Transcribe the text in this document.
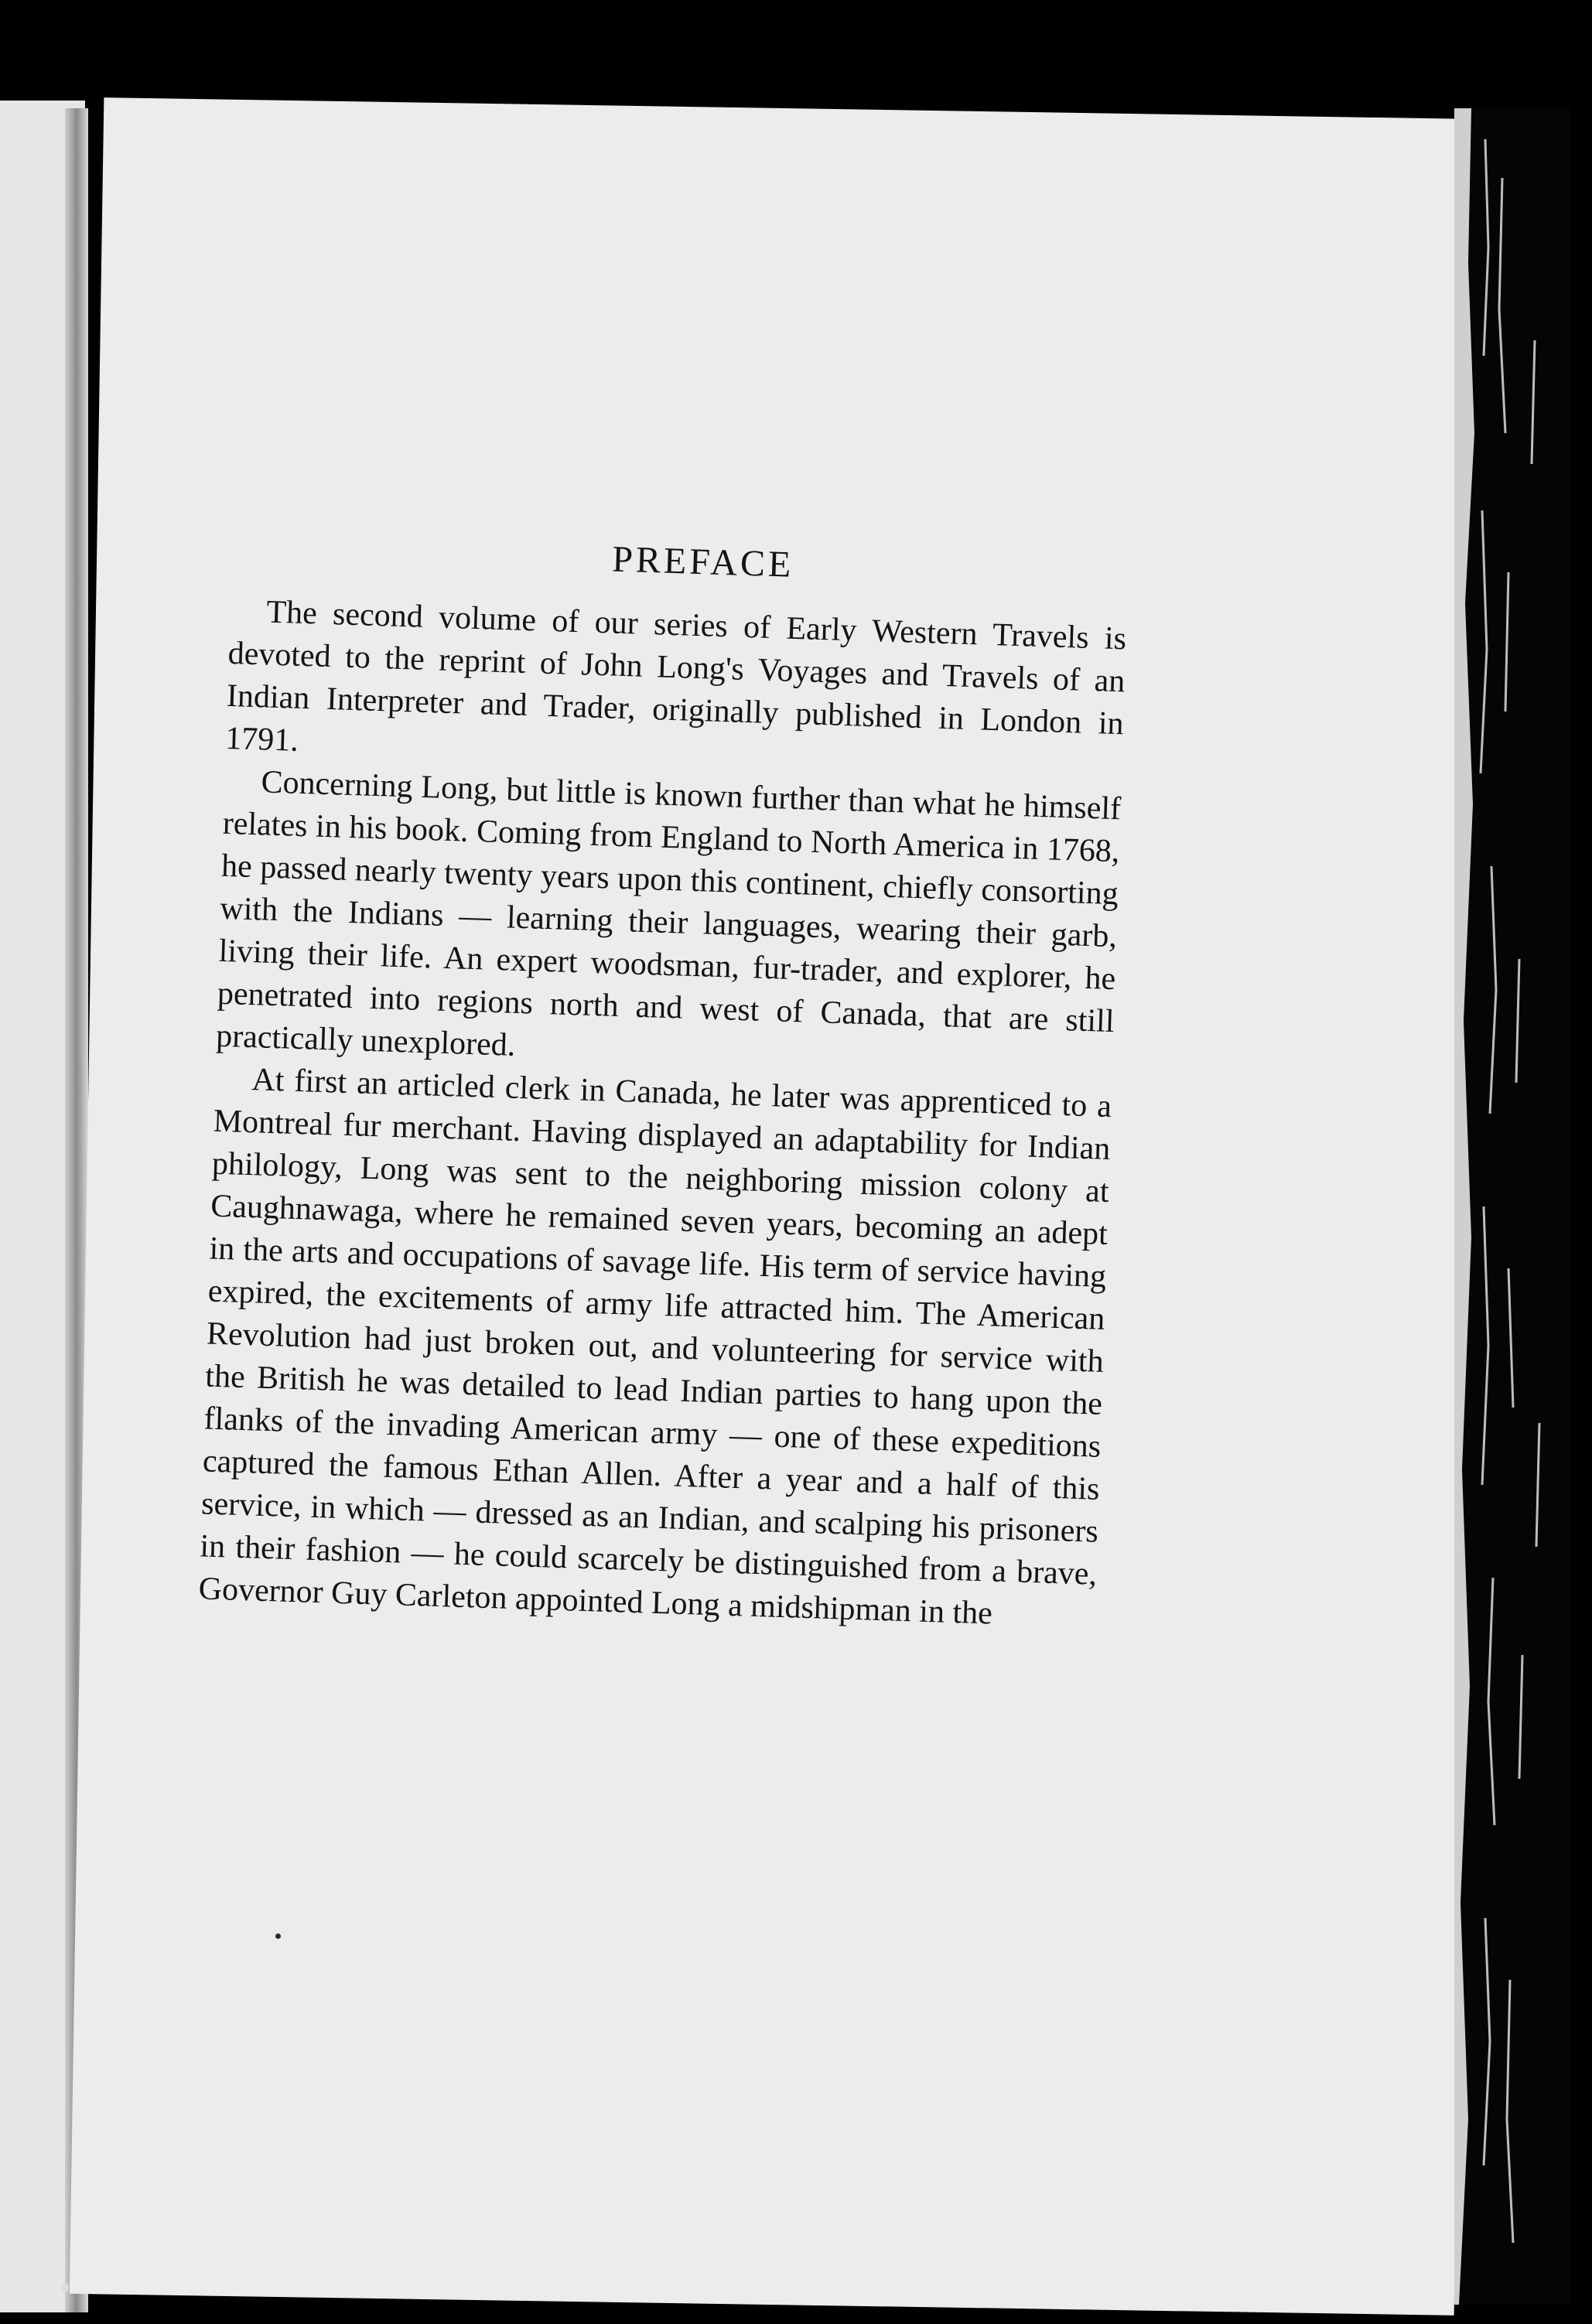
PREFACE

The second volume of our series of Early Western Travels is devoted to the reprint of John Long's Voyages and Travels of an Indian Interpreter and Trader, originally published in London in 1791.

Concerning Long, but little is known further than what he himself relates in his book. Coming from England to North America in 1768, he passed nearly twenty years upon this continent, chiefly consorting with the Indians — learning their languages, wearing their garb, living their life. An expert woodsman, fur-trader, and explorer, he penetrated into regions north and west of Canada, that are still practically unexplored.

At first an articled clerk in Canada, he later was apprenticed to a Montreal fur merchant. Having displayed an adaptability for Indian philology, Long was sent to the neighboring mission colony at Caughnawaga, where he remained seven years, becoming an adept in the arts and occupations of savage life. His term of service having expired, the excitements of army life attracted him. The American Revolution had just broken out, and volunteering for service with the British he was detailed to lead Indian parties to hang upon the flanks of the invading American army — one of these expeditions captured the famous Ethan Allen. After a year and a half of this service, in which — dressed as an Indian, and scalping his prisoners in their fashion — he could scarcely be distinguished from a brave, Governor Guy Carleton appointed Long a midshipman in the
